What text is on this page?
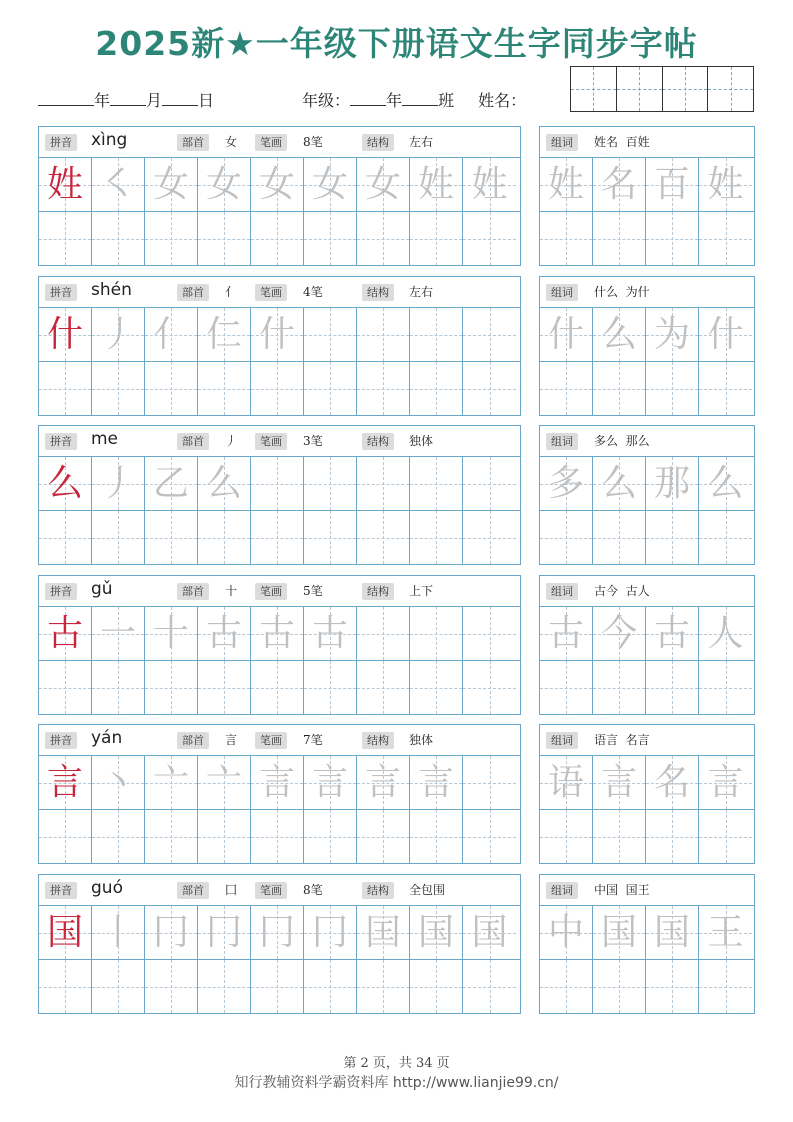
2025新★一年级下册语文生字同步字帖
年 月 日	年级： 年 班 姓名：
拼音 xìng	部首	女	笔画	8笔	结构	左右
姓 ㇛ 女 女 女 女 女 姓 姓
组词	姓名  百姓
姓 名 百 姓
拼音 shén	部首	亻	笔画	4笔	结构	左右
什 丿 亻 仁 什
组词	什么  为什
什 么 为 什
拼音 me	部首	丿	笔画	3笔	结构	独体
么 丿 乙 么
组词	多么  那么
多 么 那 么
拼音 gǔ	部首	十	笔画	5笔	结构	上下
古 一 十 古 古 古
组词	古今  古人
古 今 古 人
拼音 yán	部首	言	笔画	7笔	结构	独体
言 丶 亠 亠 言 言 言 言
组词	语言  名言
语 言 名 言
拼音 guó	部首	囗	笔画	8笔	结构	全包围
国 丨 冂 冂 冂 冂 囯 国 国
组词	中国  国王
中 国 国 王
第 2 页，共 34 页
知行教辅资料学霸资料库 http://www.lianjie99.cn/
